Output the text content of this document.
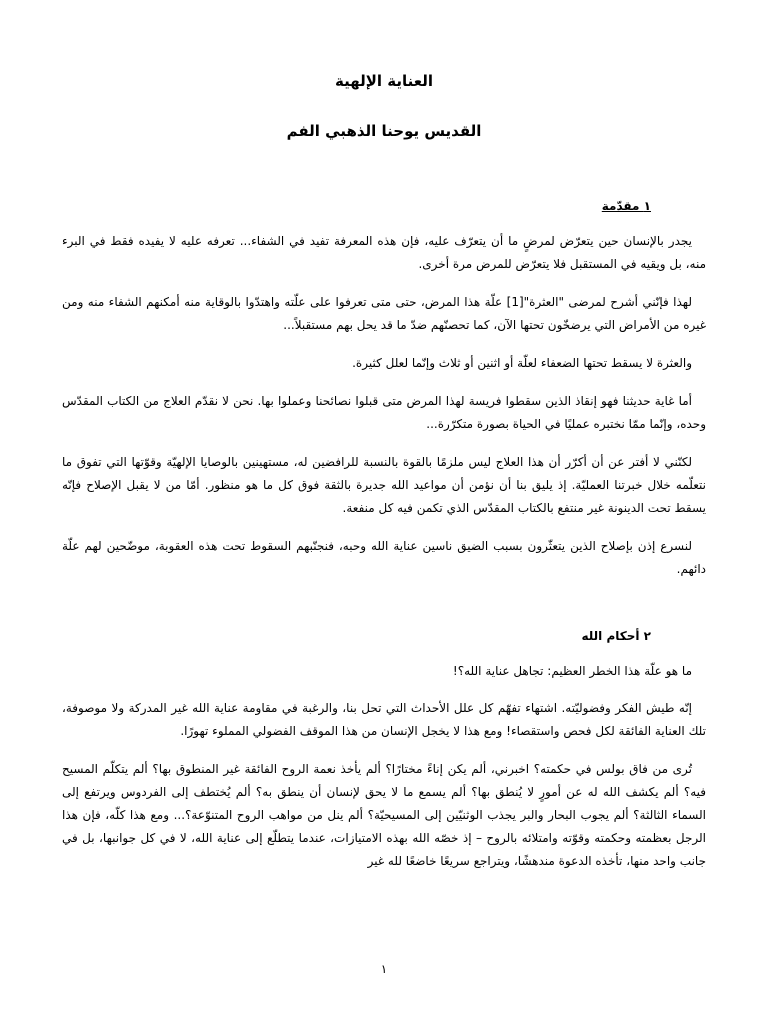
العناية الإلهية
القديس يوحنا الذهبي الفم
١ مقدّمة

يجدر بالإنسان حين يتعرّض لمرضٍ ما أن يتعرّف عليه، فإن هذه المعرفة تفيد في الشفاء... تعرفه عليه لا يفيده فقط في البرء منه، بل ويقيه في المستقبل فلا يتعرّض للمرض مرة أخرى.

لهذا فإنّني أشرح لمرضى "العثرة"[1] علّة هذا المرض، حتى متى تعرفوا على علّته واهتدّوا بالوقاية منه أمكنهم الشفاء منه ومن غيره من الأمراض التي يرضخّون تحتها الآن، كما تحصنّهم ضدّ ما قد يحل بهم مستقبلاً...

والعثرة لا يسقط تحتها الضعفاء لعلّة أو اثنين أو ثلاث وإنّما لعلل كثيرة.

أما غاية حديثنا فهو إنقاذ الذين سقطوا فريسة لهذا المرض متى قبلوا نصائحنا وعملوا بها. نحن لا نقدّم العلاج من الكتاب المقدّس وحده، وإنّما ممّا نختبره عمليًا في الحياة بصورة متكرّرة...

لكنّني لا أفتر عن أن أكرّر أن هذا العلاج ليس ملزمًا بالقوة بالنسبة للرافضين له، مستهينين بالوصايا الإلهيّة وقوّتها التي تفوق ما نتعلّمه خلال خبرتنا العمليّة. إذ يليق بنا أن نؤمن أن مواعيد الله جديرة بالثقة فوق كل ما هو منظور. أمّا من لا يقبل الإصلاح فإنّه يسقط تحت الدينونة غير منتفع بالكتاب المقدّس الذي تكمن فيه كل منفعة.

لنسرع إذن بإصلاح الذين يتعثّرون بسبب الضيق ناسين عناية الله وحبه، فنجنّبهم السقوط تحت هذه العقوبة، موضّحين لهم علّة دائهم.

٢ أحكام الله

ما هو علّة هذا الخطر العظيم: تجاهل عناية الله؟!

إنّه طيش الفكر وفضوليّته. اشتهاء تفهّم كل علل الأحداث التي تحل بنا، والرغبة في مقاومة عناية الله غير المدركة ولا موصوفة، تلك العناية الفائقة لكل فحص واستقصاء! ومع هذا لا يخجل الإنسان من هذا الموقف الفضولي المملوء تهورًا.

تُرى من فاق بولس في حكمته؟ اخبرني، ألم يكن إناءً مختارًا؟ ألم يأخذ نعمة الروح الفائقة غير المنطوق بها؟ ألم يتكلّم المسيح فيه؟ ألم يكشف الله له عن أمورٍ لا يُنطق بها؟ ألم يسمع ما لا يحق لإنسان أن ينطق به؟ ألم يُختطف إلى الفردوس ويرتفع إلى السماء الثالثة؟ ألم يجوب البحار والبر يجذب الوثنيّين إلى المسيحيّة؟ ألم ينل من مواهب الروح المتنوّعة؟... ومع هذا كلّه، فإن هذا الرجل بعظمته وحكمته وقوّته وامتلائه بالروح – إذ خصّه الله بهذه الامتيازات، عندما يتطلّع إلى عناية الله، لا في كل جوانبها، بل في جانب واحد منها، تأخذه الدعوة مندهشًا، ويتراجع سريعًا خاضعًا لله غير

١
